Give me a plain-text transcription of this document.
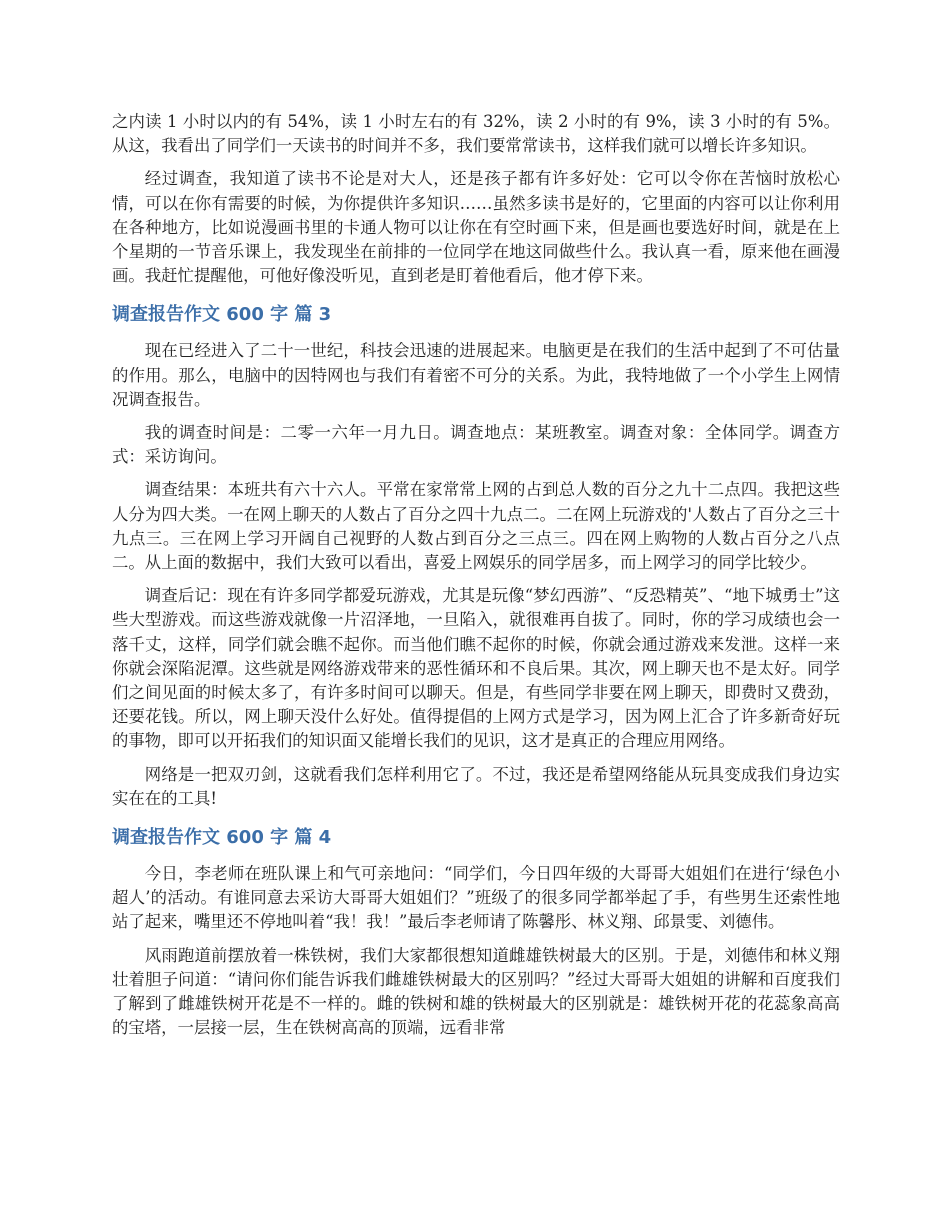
之内读 1 小时以内的有 54%，读 1 小时左右的有 32%，读 2 小时的有 9%，读 3 小时的有 5%。从这，我看出了同学们一天读书的时间并不多，我们要常常读书，这样我们就可以增长许多知识。

经过调查，我知道了读书不论是对大人，还是孩子都有许多好处：它可以令你在苦恼时放松心情，可以在你有需要的时候，为你提供许多知识……虽然多读书是好的，它里面的内容可以让你利用在各种地方，比如说漫画书里的卡通人物可以让你在有空时画下来，但是画也要选好时间，就是在上个星期的一节音乐课上，我发现坐在前排的一位同学在地这同做些什么。我认真一看，原来他在画漫画。我赶忙提醒他，可他好像没听见，直到老是盯着他看后，他才停下来。

调查报告作文 600 字 篇 3

现在已经进入了二十一世纪，科技会迅速的进展起来。电脑更是在我们的生活中起到了不可估量的作用。那么，电脑中的因特网也与我们有着密不可分的关系。为此，我特地做了一个小学生上网情况调查报告。

我的调查时间是：二零一六年一月九日。调查地点：某班教室。调查对象：全体同学。调查方式：采访询问。

调查结果：本班共有六十六人。平常在家常常上网的占到总人数的百分之九十二点四。我把这些人分为四大类。一在网上聊天的人数占了百分之四十九点二。二在网上玩游戏的'人数占了百分之三十九点三。三在网上学习开阔自己视野的人数占到百分之三点三。四在网上购物的人数占百分之八点二。从上面的数据中，我们大致可以看出，喜爱上网娱乐的同学居多，而上网学习的同学比较少。

调查后记：现在有许多同学都爱玩游戏，尤其是玩像“梦幻西游”、“反恐精英”、“地下城勇士”这些大型游戏。而这些游戏就像一片沼泽地，一旦陷入，就很难再自拔了。同时，你的学习成绩也会一落千丈，这样，同学们就会瞧不起你。而当他们瞧不起你的时候，你就会通过游戏来发泄。这样一来你就会深陷泥潭。这些就是网络游戏带来的恶性循环和不良后果。其次，网上聊天也不是太好。同学们之间见面的时候太多了，有许多时间可以聊天。但是，有些同学非要在网上聊天，即费时又费劲，还要花钱。所以，网上聊天没什么好处。值得提倡的上网方式是学习，因为网上汇合了许多新奇好玩的事物，即可以开拓我们的知识面又能增长我们的见识，这才是真正的合理应用网络。

网络是一把双刃剑，这就看我们怎样利用它了。不过，我还是希望网络能从玩具变成我们身边实实在在的工具!

调查报告作文 600 字 篇 4

今日，李老师在班队课上和气可亲地问：“同学们，今日四年级的大哥哥大姐姐们在进行‘绿色小超人’的活动。有谁同意去采访大哥哥大姐姐们？”班级了的很多同学都举起了手，有些男生还索性地站了起来，嘴里还不停地叫着“我！我！”最后李老师请了陈馨彤、林义翔、邱景雯、刘德伟。

风雨跑道前摆放着一株铁树，我们大家都很想知道雌雄铁树最大的区别。于是，刘德伟和林义翔壮着胆子问道：“请问你们能告诉我们雌雄铁树最大的区别吗？”经过大哥哥大姐姐的讲解和百度我们了解到了雌雄铁树开花是不一样的。雌的铁树和雄的铁树最大的区别就是：雄铁树开花的花蕊象高高的宝塔，一层接一层，生在铁树高高的顶端，远看非常
